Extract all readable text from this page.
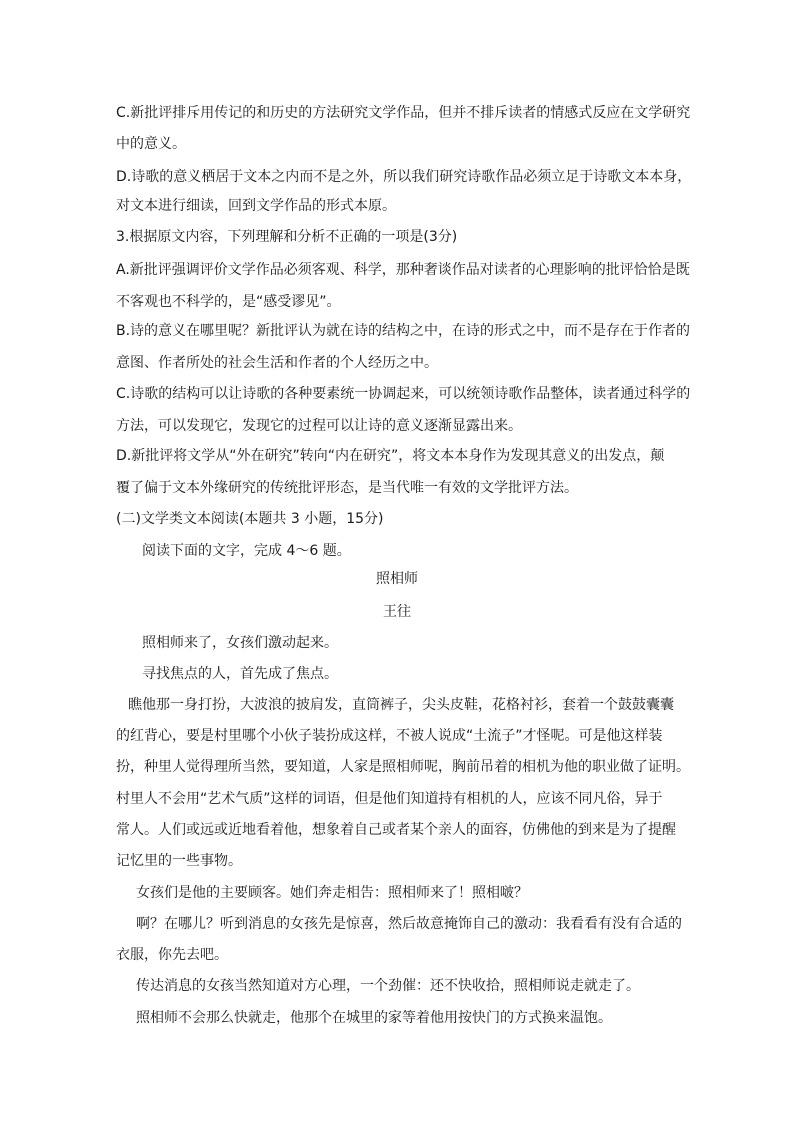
C.新批评排斥用传记的和历史的方法研究文学作品，但并不排斥读者的情感式反应在文学研究
中的意义。
D.诗歌的意义栖居于文本之内而不是之外，所以我们研究诗歌作品必须立足于诗歌文本本身，
对文本进行细读，回到文学作品的形式本原。
3.根据原文内容，下列理解和分析不正确的一项是(3分)
A.新批评强调评价文学作品必须客观、科学，那种奢谈作品对读者的心理影响的批评恰恰是既
不客观也不科学的，是“感受谬见”。
B.诗的意义在哪里呢？新批评认为就在诗的结构之中，在诗的形式之中，而不是存在于作者的
意图、作者所处的社会生活和作者的个人经历之中。
C.诗歌的结构可以让诗歌的各种要素统一协调起来，可以统领诗歌作品整体，读者通过科学的
方法，可以发现它，发现它的过程可以让诗的意义逐渐显露出来。
D.新批评将文学从“外在研究”转向“内在研究”，将文本本身作为发现其意义的出发点，颠
覆了偏于文本外缘研究的传统批评形态，是当代唯一有效的文学批评方法。
(二)文学类文本阅读(本题共 3 小题，15分)
阅读下面的文字，完成 4～6 题。
照相师
王往
照相师来了，女孩们激动起来。
寻找焦点的人，首先成了焦点。
瞧他那一身打扮，大波浪的披肩发，直筒裤子，尖头皮鞋，花格衬衫，套着一个鼓鼓囊囊
的红背心，要是村里哪个小伙子装扮成这样，不被人说成“土流子”才怪呢。可是他这样装
扮，种里人觉得理所当然，要知道，人家是照相师呢，胸前吊着的相机为他的职业做了证明。
村里人不会用“艺术气质”这样的词语，但是他们知道持有相机的人，应该不同凡俗，异于
常人。人们或远或近地看着他，想象着自己或者某个亲人的面容，仿佛他的到来是为了提醒
记忆里的一些事物。
女孩们是他的主要顾客。她们奔走相告：照相师来了！照相啵？
啊？在哪儿？听到消息的女孩先是惊喜，然后故意掩饰自己的激动：我看看有没有合适的
衣服，你先去吧。
传达消息的女孩当然知道对方心理，一个劲催：还不快收拾，照相师说走就走了。
照相师不会那么快就走，他那个在城里的家等着他用按快门的方式换来温饱。
